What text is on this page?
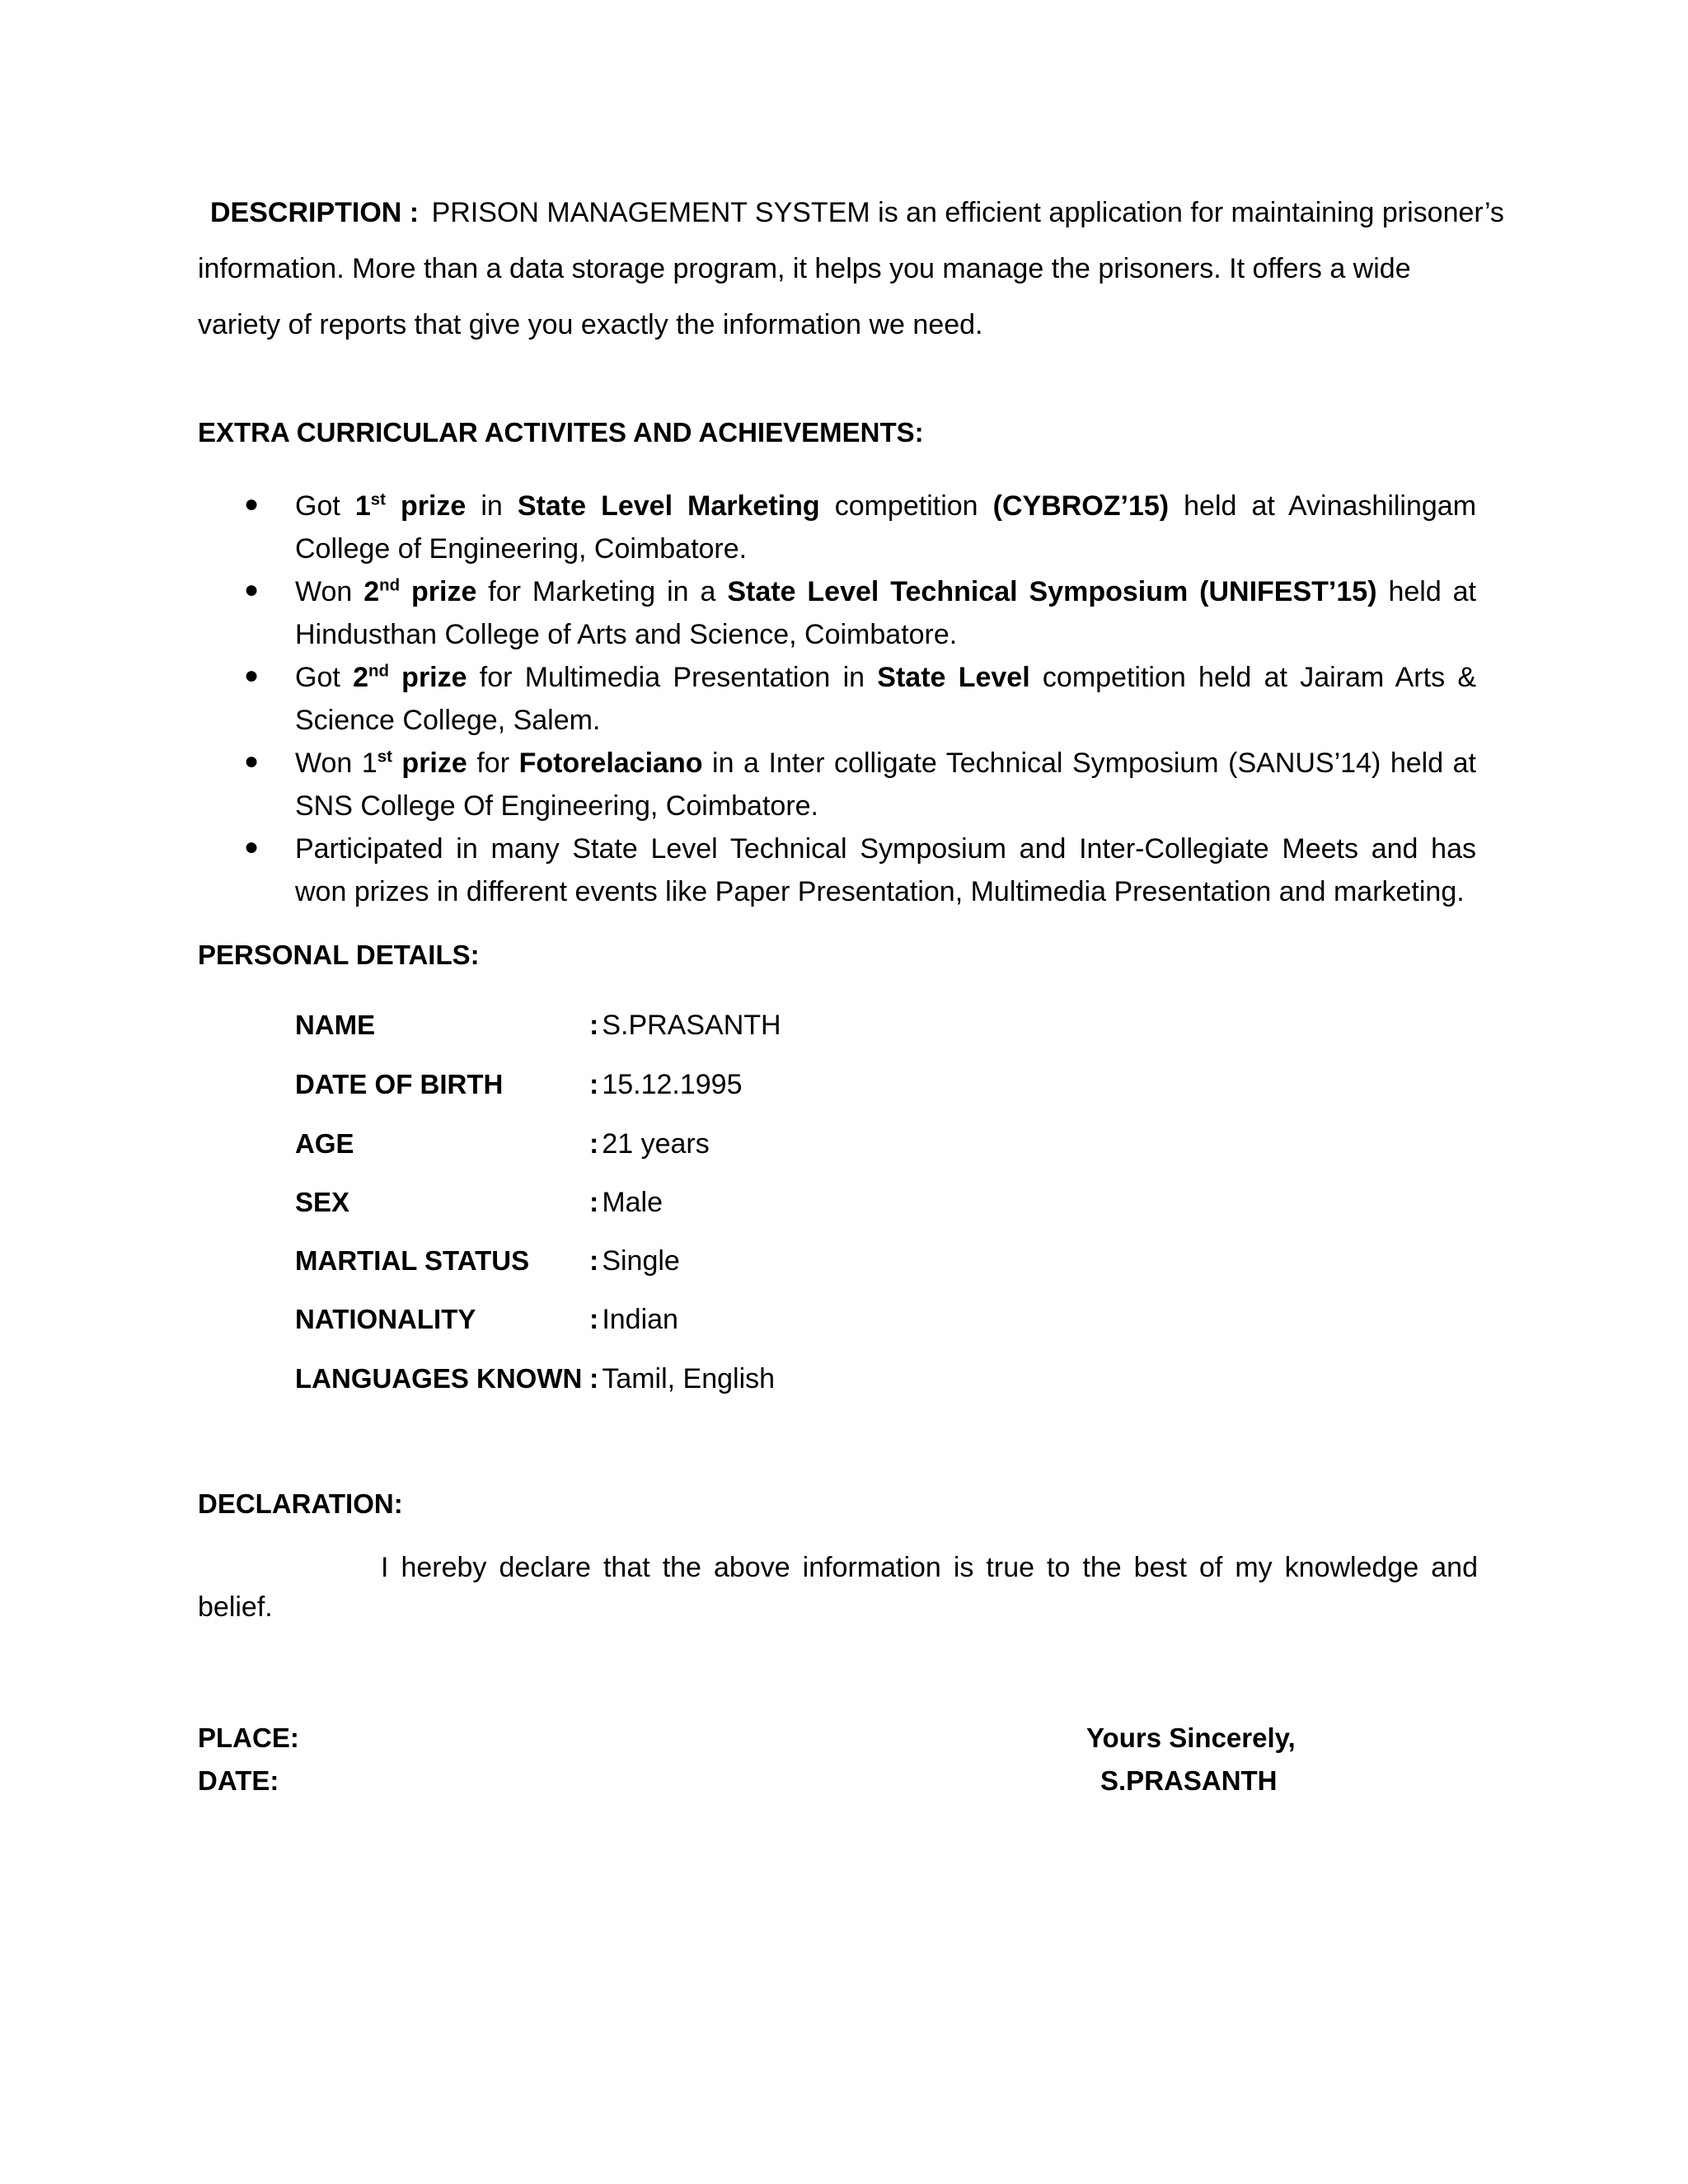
DESCRIPTION : PRISON MANAGEMENT SYSTEM is an efficient application for maintaining prisoner’s
information. More than a data storage program, it helps you manage the prisoners. It offers a wide
variety of reports that give you exactly the information we need.
EXTRA CURRICULAR ACTIVITES AND ACHIEVEMENTS:
● Got 1st prize in State Level Marketing competition (CYBROZ’15) held at Avinashilingam College of Engineering, Coimbatore.
● Won 2nd prize for Marketing in a State Level Technical Symposium (UNIFEST’15) held at Hindusthan College of Arts and Science, Coimbatore.
● Got 2nd prize for Multimedia Presentation in State Level competition held at Jairam Arts & Science College, Salem.
● Won 1st prize for Fotorelaciano in a Inter colligate Technical Symposium (SANUS’14) held at SNS College Of Engineering, Coimbatore.
● Participated in many State Level Technical Symposium and Inter-Collegiate Meets and has won prizes in different events like Paper Presentation, Multimedia Presentation and marketing.
PERSONAL DETAILS:
NAME	: S.PRASANTH
DATE OF BIRTH	: 15.12.1995
AGE	: 21 years
SEX	: Male
MARTIAL STATUS : Single
NATIONALITY	: Indian
LANGUAGES KNOWN : Tamil, English
DECLARATION:
I hereby declare that the above information is true to the best of my knowledge and belief.
PLACE:
DATE:
Yours Sincerely,
S.PRASANTH
